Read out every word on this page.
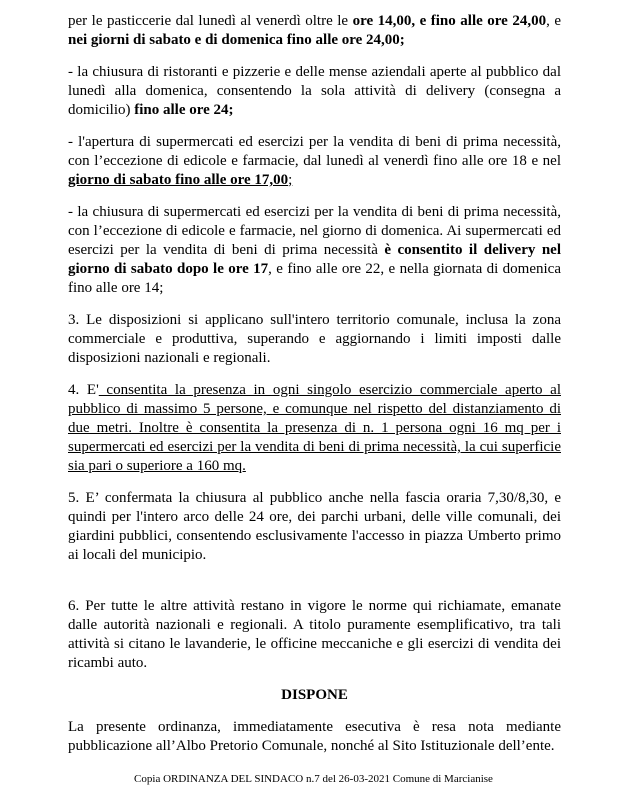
per le pasticcerie dal lunedì al venerdì oltre le ore 14,00, e fino alle ore 24,00, e nei giorni di sabato e di domenica fino alle ore 24,00;

- la chiusura di ristoranti e pizzerie e delle mense aziendali aperte al pubblico dal lunedì alla domenica, consentendo la sola attività di delivery (consegna a domicilio) fino alle ore 24;

- l'apertura di supermercati ed esercizi per la vendita di beni di prima necessità, con l’eccezione di edicole e farmacie, dal lunedì al venerdì fino alle ore 18 e nel giorno di sabato fino alle ore 17,00;

- la chiusura di supermercati ed esercizi per la vendita di beni di prima necessità, con l’eccezione di edicole e farmacie, nel giorno di domenica. Ai supermercati ed esercizi per la vendita di beni di prima necessità è consentito il delivery nel giorno di sabato dopo le ore 17, e fino alle ore 22, e nella giornata di domenica fino alle ore 14;

3. Le disposizioni si applicano sull'intero territorio comunale, inclusa la zona commerciale e produttiva, superando e aggiornando i limiti imposti dalle disposizioni nazionali e regionali.

4. E' consentita la presenza in ogni singolo esercizio commerciale aperto al pubblico di massimo 5 persone, e comunque nel rispetto del distanziamento di due metri. Inoltre è consentita la presenza di n. 1 persona ogni 16 mq per i supermercati ed esercizi per la vendita di beni di prima necessità, la cui superficie sia pari o superiore a 160 mq.

5. E’ confermata la chiusura al pubblico anche nella fascia oraria 7,30/8,30, e quindi per l'intero arco delle 24 ore, dei parchi urbani, delle ville comunali, dei giardini pubblici, consentendo esclusivamente l'accesso in piazza Umberto primo ai locali del municipio.

6. Per tutte le altre attività restano in vigore le norme qui richiamate, emanate dalle autorità nazionali e regionali. A titolo puramente esemplificativo, tra tali attività si citano le lavanderie, le officine meccaniche e gli esercizi di vendita dei ricambi auto.

DISPONE

La presente ordinanza, immediatamente esecutiva è resa nota mediante pubblicazione all’Albo Pretorio Comunale, nonché al Sito Istituzionale dell’ente.

Copia ORDINANZA DEL SINDACO n.7 del 26-03-2021 Comune di Marcianise
